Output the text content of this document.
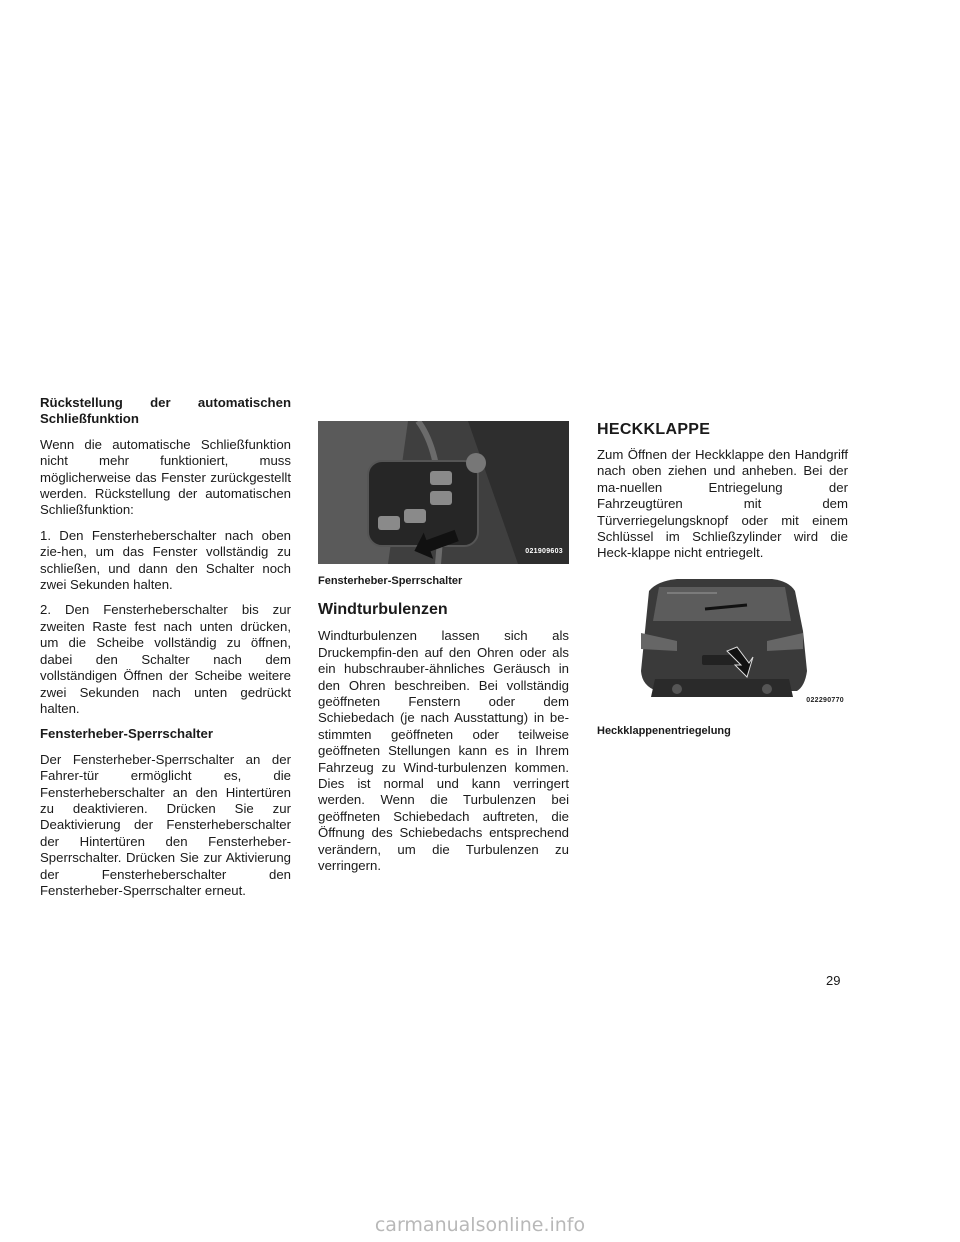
Rückstellung der automatischen Schließfunktion

Wenn die automatische Schließfunktion nicht mehr funktioniert, muss möglicherweise das Fenster zurückgestellt werden. Rückstellung der automatischen Schließfunktion:

1. Den Fensterheberschalter nach oben zie-hen, um das Fenster vollständig zu schließen, und dann den Schalter noch zwei Sekunden halten.

2. Den Fensterheberschalter bis zur zweiten Raste fest nach unten drücken, um die Scheibe vollständig zu öffnen, dabei den Schalter nach dem vollständigen Öffnen der Scheibe weitere zwei Sekunden nach unten gedrückt halten.

Fensterheber-Sperrschalter

Der Fensterheber-Sperrschalter an der Fahrer-tür ermöglicht es, die Fensterheberschalter an den Hintertüren zu deaktivieren. Drücken Sie zur Deaktivierung der Fensterheberschalter der Hintertüren den Fensterheber-Sperrschalter. Drücken Sie zur Aktivierung der Fensterheberschalter den Fensterheber-Sperrschalter erneut.

021909603

Fensterheber-Sperrschalter

Windturbulenzen

Windturbulenzen lassen sich als Druckempfin-den auf den Ohren oder als ein hubschrauber-ähnliches Geräusch in den Ohren beschreiben. Bei vollständig geöffneten Fenstern oder dem Schiebedach (je nach Ausstattung) in be-stimmten geöffneten oder teilweise geöffneten Stellungen kann es in Ihrem Fahrzeug zu Wind-turbulenzen kommen. Dies ist normal und kann verringert werden. Wenn die Turbulenzen bei geöffneten Schiebedach auftreten, die Öffnung des Schiebedachs entsprechend verändern, um die Turbulenzen zu verringern.

HECKKLAPPE

Zum Öffnen der Heckklappe den Handgriff nach oben ziehen und anheben. Bei der ma-nuellen Entriegelung der Fahrzeugtüren mit dem Türverriegelungsknopf oder mit einem Schlüssel im Schließzylinder wird die Heck-klappe nicht entriegelt.

022290770

Heckklappenentriegelung

29
carmanualsonline.info
